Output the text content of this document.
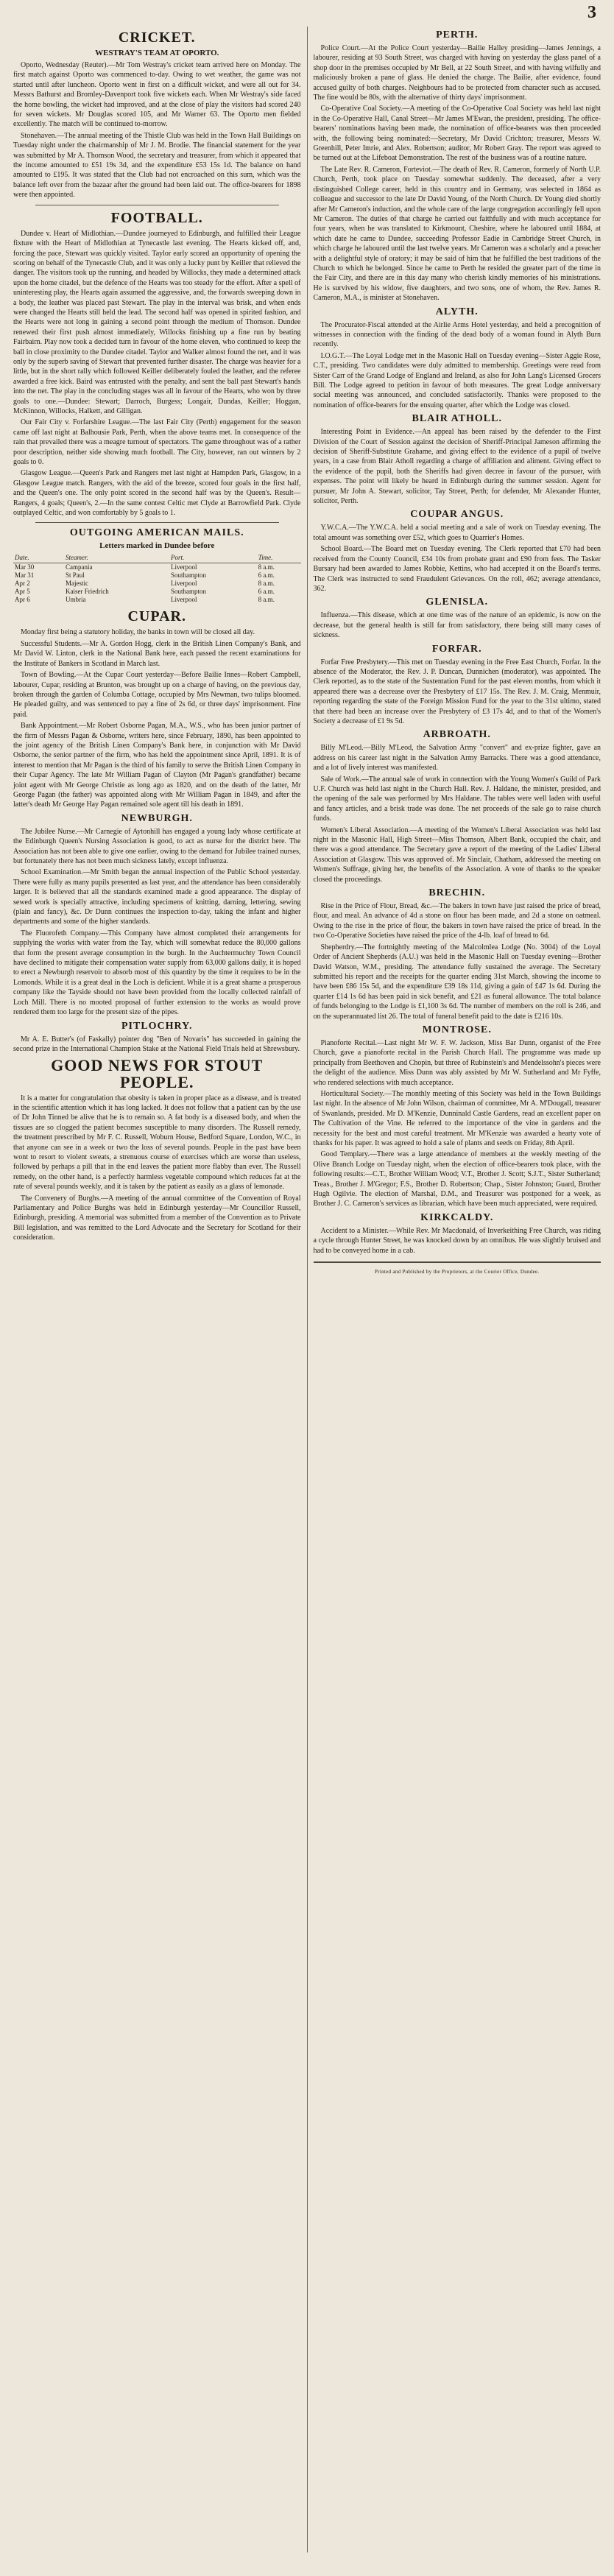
3
CRICKET.
WESTRAY'S TEAM AT OPORTO.

Oporto, Wednesday (Reuter).—Mr Tom Westray's cricket team arrived here on Monday. The first match against Oporto was commenced to-day. Owing to wet weather, the game was not started until after luncheon. Oporto went in first on a difficult wicket, and were all out for 34. Messrs Bathurst and Bromley-Davenport took five wickets each. When Mr Westray's side faced the home bowling, the wicket had improved, and at the close of play the visitors had scored 240 for seven wickets. Mr Douglas scored 105, and Mr Warner 63. The Oporto men fielded excellently. The match will be continued to-morrow.

Stonehaven.—The annual meeting of the Thistle Club was held in the Town Hall Buildings on Tuesday night under the chairmanship of Mr J. M. Brodie. The financial statement for the year was submitted by Mr A. Thomson Wood, the secretary and treasurer, from which it appeared that the income amounted to £51 19s 3d, and the expenditure £53 15s 1d. The balance on hand amounted to £195. It was stated that the Club had not encroached on this sum, which was the balance left over from the bazaar after the ground had been laid out. The office-bearers for 1898 were then appointed.

FOOTBALL.

Dundee v. Heart of Midlothian.—Dundee journeyed to Edinburgh, and fulfilled their League fixture with the Heart of Midlothian at Tynecastle last evening. The Hearts kicked off, and, forcing the pace, Stewart was quickly visited. Taylor early scored an opportunity of opening the scoring on behalf of the Tynecastle Club, and it was only a lucky punt by Keiller that relieved the danger. The visitors took up the running, and headed by Willocks, they made a determined attack upon the home citadel, but the defence of the Hearts was too steady for the effort. After a spell of uninteresting play, the Hearts again assumed the aggressive, and, the forwards sweeping down in a body, the leather was placed past Stewart. The play in the interval was brisk, and when ends were changed the Hearts still held the lead. The second half was opened in spirited fashion, and the Hearts were not long in gaining a second point through the medium of Thomson. Dundee renewed their first push almost immediately, Willocks finishing up a fine run by beating Fairbairn. Play now took a decided turn in favour of the home eleven, who continued to keep the ball in close proximity to the Dundee citadel. Taylor and Walker almost found the net, and it was only by the superb saving of Stewart that prevented further disaster. The charge was heavier for a little, but in the short rally which followed Keiller deliberately fouled the leather, and the referee awarded a free kick. Baird was entrusted with the penalty, and sent the ball past Stewart's hands into the net. The play in the concluding stages was all in favour of the Hearts, who won by three goals to one.—Dundee: Stewart; Darroch, Burgess; Longair, Dundas, Keiller; Hoggan, McKinnon, Willocks, Halkett, and Gilligan.

Our Fair City v. Forfarshire League.—The last Fair City (Perth) engagement for the season came off last night at Balhousie Park, Perth, when the above teams met. In consequence of the rain that prevailed there was a meagre turnout of spectators. The game throughout was of a rather poor description, neither side showing much football. The City, however, ran out winners by 2 goals to 0.

Glasgow League.—Queen's Park and Rangers met last night at Hampden Park, Glasgow, in a Glasgow League match. Rangers, with the aid of the breeze, scored four goals in the first half, and the Queen's one. The only point scored in the second half was by the Queen's. Result—Rangers, 4 goals; Queen's, 2.—In the same contest Celtic met Clyde at Barrowfield Park. Clyde outplayed Celtic, and won comfortably by 5 goals to 1.

OUTGOING AMERICAN MAILS.
Letters marked in Dundee before
Date.	Steamer.	Port.	Time.
Mar 30	Campania	Liverpool	8 a.m.
Mar 31	St Paul	Southampton	6 a.m.
Apr 2	Majestic	Liverpool	8 a.m.
Apr 5	Kaiser Friedrich	Southampton	6 a.m.
Apr 6	Umbria	Liverpool	8 a.m.
CUPAR.

Monday first being a statutory holiday, the banks in town will be closed all day.

Successful Students.—Mr A. Gordon Hogg, clerk in the British Linen Company's Bank, and Mr David W. Linton, clerk in the National Bank here, each passed the recent examinations for the Institute of Bankers in Scotland in March last.

Town of Bowling.—At the Cupar Court yesterday—Before Bailie Innes—Robert Campbell, labourer, Cupar, residing at Brunton, was brought up on a charge of having, on the previous day, broken through the garden of Columba Cottage, occupied by Mrs Newman, two tulips bloomed. He pleaded guilty, and was sentenced to pay a fine of 2s 6d, or three days' imprisonment. Fine paid.

Bank Appointment.—Mr Robert Osborne Pagan, M.A., W.S., who has been junior partner of the firm of Messrs Pagan & Osborne, writers here, since February, 1890, has been appointed to the joint agency of the British Linen Company's Bank here, in conjunction with Mr David Osborne, the senior partner of the firm, who has held the appointment since April, 1891. It is of interest to mention that Mr Pagan is the third of his family to serve the British Linen Company in their Cupar Agency. The late Mr William Pagan of Clayton (Mr Pagan's grandfather) became joint agent with Mr George Christie as long ago as 1820, and on the death of the latter, Mr George Pagan (the father) was appointed along with Mr William Pagan in 1849, and after the latter's death Mr George Hay Pagan remained sole agent till his death in 1891.

NEWBURGH.

The Jubilee Nurse.—Mr Carnegie of Aytonhill has engaged a young lady whose certificate at the Edinburgh Queen's Nursing Association is good, to act as nurse for the district here. The Association has not been able to give one earlier, owing to the demand for Jubilee trained nurses, but fortunately there has not been much sickness lately, except influenza.

School Examination.—Mr Smith began the annual inspection of the Public School yesterday. There were fully as many pupils presented as last year, and the attendance has been considerably larger. It is believed that all the standards examined made a good appearance. The display of sewed work is specially attractive, including specimens of knitting, darning, lettering, sewing (plain and fancy), &c. Dr Dunn continues the inspection to-day, taking the infant and higher departments and some of the higher standards.

The Fluorofeth Company.—This Company have almost completed their arrangements for supplying the works with water from the Tay, which will somewhat reduce the 80,000 gallons that form the present average consumption in the burgh. In the Auchtermuchty Town Council have declined to mitigate their compensation water supply from 63,000 gallons daily, it is hoped to erect a Newburgh reservoir to absorb most of this quantity by the time it requires to be in the Lomonds. While it is a great deal in the Loch is deficient. While it is a great shame a prosperous company like the Tayside should not have been provided from the locally collected rainfall of Loch Mill. There is no mooted proposal of further extension to the works as would prove rendered them too large for the present size of the pipes.

PITLOCHRY.

Mr A. E. Butter's (of Faskally) pointer dog "Ben of Novaris" has succeeded in gaining the second prize in the International Champion Stake at the National Field Trials held at Shrewsbury.

GOOD NEWS FOR STOUT PEOPLE.

It is a matter for congratulation that obesity is taken in proper place as a disease, and is treated in the scientific attention which it has long lacked. It does not follow that a patient can by the use of Dr John Tinned be alive that he is to remain so. A fat body is a diseased body, and when the tissues are so clogged the patient becomes susceptible to many disorders. The Russell remedy, the treatment prescribed by Mr F. C. Russell, Woburn House, Bedford Square, London, W.C., in that anyone can see in a week or two the loss of several pounds. People in the past have been wont to resort to violent sweats, a strenuous course of exercises which are worse than useless, followed by perhaps a pill that in the end leaves the patient more flabby than ever. The Russell remedy, on the other hand, is a perfectly harmless vegetable compound which reduces fat at the rate of several pounds weekly, and it is taken by the patient as easily as a glass of lemonade.

The Convenery of Burghs.—A meeting of the annual committee of the Convention of Royal Parliamentary and Police Burghs was held in Edinburgh yesterday—Mr Councillor Russell, Edinburgh, presiding. A memorial was submitted from a member of the Convention as to Private Bill legislation, and was remitted to the Lord Advocate and the Secretary for Scotland for their consideration.

PERTH.

Police Court.—At the Police Court yesterday—Bailie Halley presiding—James Jennings, a labourer, residing at 93 South Street, was charged with having on yesterday the glass panel of a shop door in the premises occupied by Mr Bell, at 22 South Street, and with having wilfully and maliciously broken a pane of glass. He denied the charge. The Bailie, after evidence, found accused guilty of both charges. Neighbours had to be protected from character such as accused. The fine would be 80s, with the alternative of thirty days' imprisonment.

Co-Operative Coal Society.—A meeting of the Co-Operative Coal Society was held last night in the Co-Operative Hall, Canal Street—Mr James M'Ewan, the president, presiding. The office-bearers' nominations having been made, the nomination of office-bearers was then proceeded with, the following being nominated:—Secretary, Mr David Crichton; treasurer, Messrs W. Greenhill, Peter Imrie, and Alex. Robertson; auditor, Mr Robert Gray. The report was agreed to be turned out at the Lifeboat Demonstration. The rest of the business was of a routine nature.

The Late Rev. R. Cameron, Forteviot.—The death of Rev. R. Cameron, formerly of North U.P. Church, Perth, took place on Tuesday somewhat suddenly. The deceased, after a very distinguished College career, held in this country and in Germany, was selected in 1864 as colleague and successor to the late Dr David Young, of the North Church. Dr Young died shortly after Mr Cameron's induction, and the whole care of the large congregation accordingly fell upon Mr Cameron. The duties of that charge he carried out faithfully and with much acceptance for four years, when he was translated to Kirkmount, Cheshire, where he laboured until 1884, at which date he came to Dundee, succeeding Professor Eadie in Cambridge Street Church, in which charge he laboured until the last twelve years. Mr Cameron was a scholarly and a preacher with a delightful style of oratory; it may be said of him that he fulfilled the best traditions of the Church to which he belonged. Since he came to Perth he resided the greater part of the time in the Fair City, and there are in this day many who cherish kindly memories of his ministrations. He is survived by his widow, five daughters, and two sons, one of whom, the Rev. James R. Cameron, M.A., is minister at Stonehaven.

ALYTH.

The Procurator-Fiscal attended at the Airlie Arms Hotel yesterday, and held a precognition of witnesses in connection with the finding of the dead body of a woman found in Alyth Burn recently.

I.O.G.T.—The Loyal Lodge met in the Masonic Hall on Tuesday evening—Sister Aggie Rose, C.T., presiding. Two candidates were duly admitted to membership. Greetings were read from Sister Carr of the Grand Lodge of England and Ireland, as also for John Lang's Licensed Grocers Bill. The Lodge agreed to petition in favour of both measures. The great Lodge anniversary social meeting was announced, and concluded satisfactorily. Thanks were proposed to the nomination of office-bearers for the ensuing quarter, after which the Lodge was closed.

BLAIR ATHOLL.

Interesting Point in Evidence.—An appeal has been raised by the defender to the First Division of the Court of Session against the decision of Sheriff-Principal Jameson affirming the decision of Sheriff-Substitute Grahame, and giving effect to the evidence of a pupil of twelve years, in a case from Blair Atholl regarding a charge of affiliation and aliment. Giving effect to the evidence of the pupil, both the Sheriffs had given decree in favour of the pursuer, with expenses. The point will likely be heard in Edinburgh during the summer session. Agent for pursuer, Mr John A. Stewart, solicitor, Tay Street, Perth; for defender, Mr Alexander Hunter, solicitor, Perth.

COUPAR ANGUS.

Y.W.C.A.—The Y.W.C.A. held a social meeting and a sale of work on Tuesday evening. The total amount was something over £52, which goes to Quarrier's Homes.

School Board.—The Board met on Tuesday evening. The Clerk reported that £70 had been received from the County Council, £34 10s from probate grant and £90 from fees. The Tasker Bursary had been awarded to James Robbie, Kettins, who had accepted it on the Board's terms. The Clerk was instructed to send Fraudulent Grievances. On the roll, 462; average attendance, 362.

GLENISLA.

Influenza.—This disease, which at one time was of the nature of an epidemic, is now on the decrease, but the general health is still far from satisfactory, there being still many cases of sickness.

FORFAR.

Forfar Free Presbytery.—This met on Tuesday evening in the Free East Church, Forfar. In the absence of the Moderator, the Rev. J. P. Duncan, Dunnichen (moderator), was appointed. The Clerk reported, as to the state of the Sustentation Fund for the past eleven months, from which it appeared there was a decrease over the Presbytery of £17 15s. The Rev. J. M. Craig, Menmuir, reporting regarding the state of the Foreign Mission Fund for the year to the 31st ultimo, stated that there had been an increase over the Presbytery of £3 17s 4d, and to that of the Women's Society a decrease of £1 9s 5d.

ARBROATH.

Billy M'Leod.—Billy M'Leod, the Salvation Army "convert" and ex-prize fighter, gave an address on his career last night in the Salvation Army Barracks. There was a good attendance, and a lot of lively interest was manifested.

Sale of Work.—The annual sale of work in connection with the Young Women's Guild of Park U.F. Church was held last night in the Church Hall. Rev. J. Haldane, the minister, presided, and the opening of the sale was performed by Mrs Haldane. The tables were well laden with useful and fancy articles, and a brisk trade was done. The net proceeds of the sale go to raise church funds.

Women's Liberal Association.—A meeting of the Women's Liberal Association was held last night in the Masonic Hall, High Street—Miss Thomson, Albert Bank, occupied the chair, and there was a good attendance. The Secretary gave a report of the meeting of the Ladies' Liberal Association at Glasgow. This was approved of. Mr Sinclair, Chatham, addressed the meeting on Women's Suffrage, giving her, the benefits of the Association. A vote of thanks to the speaker closed the proceedings.

BRECHIN.

Rise in the Price of Flour, Bread, &c.—The bakers in town have just raised the price of bread, flour, and meal. An advance of 4d a stone on flour has been made, and 2d a stone on oatmeal. Owing to the rise in the price of flour, the bakers in town have raised the price of bread. In the two Co-Operative Societies have raised the price of the 4-lb. loaf of bread to 6d.

Shepherdry.—The fortnightly meeting of the Malcolmlea Lodge (No. 3004) of the Loyal Order of Ancient Shepherds (A.U.) was held in the Masonic Hall on Tuesday evening—Brother David Watson, W.M., presiding. The attendance fully sustained the average. The Secretary submitted his report and the receipts for the quarter ending 31st March, showing the income to have been £86 15s 5d, and the expenditure £39 18s 11d, giving a gain of £47 1s 6d. During the quarter £14 1s 6d has been paid in sick benefit, and £21 as funeral allowance. The total balance of funds belonging to the Lodge is £1,100 3s 6d. The number of members on the roll is 246, and on the superannuated list 26. The total of funeral benefit paid to the date is £216 10s.

MONTROSE.

Pianoforte Recital.—Last night Mr W. F. W. Jackson, Miss Bar Dunn, organist of the Free Church, gave a pianoforte recital in the Parish Church Hall. The programme was made up principally from Beethoven and Chopin, but three of Rubinstein's and Mendelssohn's pieces were the delight of the audience. Miss Dunn was ably assisted by Mr W. Sutherland and Mr Fyffe, who rendered selections with much acceptance.

Horticultural Society.—The monthly meeting of this Society was held in the Town Buildings last night. In the absence of Mr John Wilson, chairman of committee, Mr A. M'Dougall, treasurer of Swanlands, presided. Mr D. M'Kenzie, Dunninald Castle Gardens, read an excellent paper on The Cultivation of the Vine. He referred to the importance of the vine in gardens and the necessity for the best and most careful treatment. Mr M'Kenzie was awarded a hearty vote of thanks for his paper. It was agreed to hold a sale of plants and seeds on Friday, 8th April.

Good Templary.—There was a large attendance of members at the weekly meeting of the Olive Branch Lodge on Tuesday night, when the election of office-bearers took place, with the following results:—C.T., Brother William Wood; V.T., Brother J. Scott; S.J.T., Sister Sutherland; Treas., Brother J. M'Gregor; F.S., Brother D. Robertson; Chap., Sister Johnston; Guard, Brother Hugh Ogilvie. The election of Marshal, D.M., and Treasurer was postponed for a week, as Brother J. C. Cameron's services as librarian, which have been much appreciated, were required.

KIRKCALDY.

Accident to a Minister.—While Rev. Mr Macdonald, of Inverkeithing Free Church, was riding a cycle through Hunter Street, he was knocked down by an omnibus. He was slightly bruised and had to be conveyed home in a cab.

Printed and Published by the Proprietors, at the Courier Office, Dundee.
